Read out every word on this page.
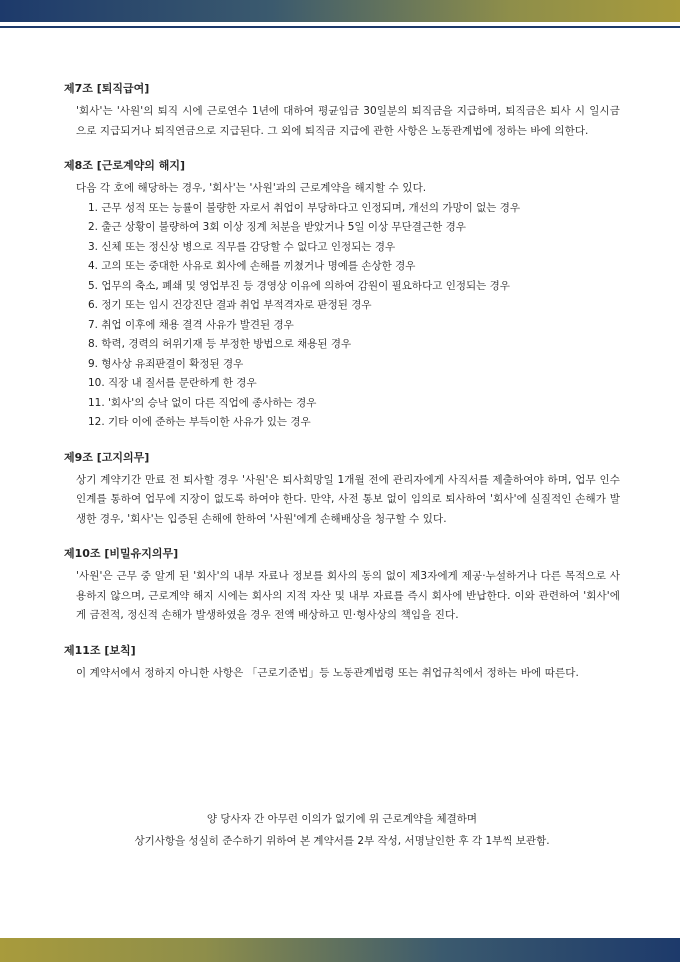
제7조 [퇴직급여]

'회사'는 '사원'의 퇴직 시에 근로연수 1년에 대하여 평균임금 30일분의 퇴직금을 지급하며, 퇴직금은 퇴사 시 일시금으로 지급되거나 퇴직연금으로 지급된다. 그 외에 퇴직금 지급에 관한 사항은 노동관계법에 정하는 바에 의한다.

제8조 [근로계약의 해지]

다음 각 호에 해당하는 경우, '회사'는 '사원'과의 근로계약을 해지할 수 있다.

1. 근무 성적 또는 능률이 불량한 자로서 취업이 부당하다고 인정되며, 개선의 가망이 없는 경우
2. 출근 상황이 불량하여 3회 이상 징계 처분을 받았거나 5일 이상 무단결근한 경우
3. 신체 또는 정신상 병으로 직무를 감당할 수 없다고 인정되는 경우
4. 고의 또는 중대한 사유로 회사에 손해를 끼쳤거나 명예를 손상한 경우
5. 업무의 축소, 폐쇄 및 영업부진 등 경영상 이유에 의하여 감원이 필요하다고 인정되는 경우
6. 정기 또는 임시 건강진단 결과 취업 부적격자로 판정된 경우
7. 취업 이후에 채용 결격 사유가 발견된 경우
8. 학력, 경력의 허위기재 등 부정한 방법으로 채용된 경우
9. 형사상 유죄판결이 확정된 경우
10. 직장 내 질서를 문란하게 한 경우
11. '회사'의 승낙 없이 다른 직업에 종사하는 경우
12. 기타 이에 준하는 부득이한 사유가 있는 경우
제9조 [고지의무]

상기 계약기간 만료 전 퇴사할 경우 '사원'은 퇴사희망일 1개월 전에 관리자에게 사직서를 제출하여야 하며, 업무 인수인계를 통하여 업무에 지장이 없도록 하여야 한다. 만약, 사전 통보 없이 임의로 퇴사하여 '회사'에 실질적인 손해가 발생한 경우, '회사'는 입증된 손해에 한하여 '사원'에게 손해배상을 청구할 수 있다.

제10조 [비밀유지의무]

'사원'은 근무 중 알게 된 '회사'의 내부 자료나 정보를 회사의 동의 없이 제3자에게 제공·누설하거나 다른 목적으로 사용하지 않으며, 근로계약 해지 시에는 회사의 지적 자산 및 내부 자료를 즉시 회사에 반납한다. 이와 관련하여 '회사'에게 금전적, 정신적 손해가 발생하였을 경우 전액 배상하고 민·형사상의 책임을 진다.

제11조 [보칙]

이 계약서에서 정하지 아니한 사항은 「근로기준법」등 노동관계법령 또는 취업규칙에서 정하는 바에 따른다.

양 당사자 간 아무런 이의가 없기에 위 근로계약을 체결하며
상기사항을 성실히 준수하기 위하여 본 계약서를 2부 작성, 서명날인한 후 각 1부씩 보관함.
